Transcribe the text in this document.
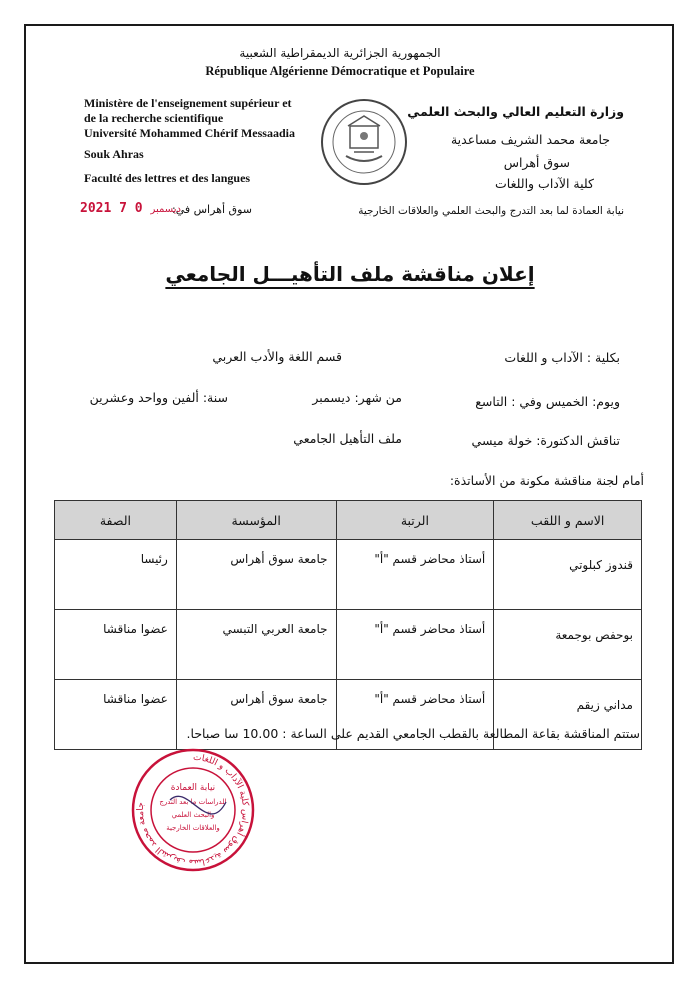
الجمهورية الجزائرية الديمقراطية الشعبية
République Algérienne Démocratique et Populaire
Ministère de l'enseignement supérieur et
de la recherche scientifique
Université Mohammed Chérif Messaadia
Souk Ahras
Faculté des lettres et des langues
وزارة التعليم العالي والبحث العلمي
جامعة محمد الشريف مساعدية
سوق أهراس
كلية الآداب واللغات
نيابة العمادة لما بعد التدرج والبحث العلمي والعلاقات الخارجية
سوق أهراس في:
2021	ديسمبر 0 7
إعلان مناقشة ملف التأهيـــل الجامعي
بكلية : الآداب و اللغات
قسم اللغة والأدب العربي
ويوم: الخميس وفي : التاسع
من شهر: ديسمبر
سنة: ألفين وواحد وعشرين
تناقش الدكتورة: خولة ميسي
ملف التأهيل الجامعي
أمام لجنة مناقشة مكونة من الأساتذة:
الاسم و اللقب	الرتبة	المؤسسة	الصفة
قندوز كبلوتي	أستاذ محاضر قسم "أ"	جامعة سوق أهراس	رئيسا
بوحفص بوجمعة	أستاذ محاضر قسم "أ"	جامعة العربي التبسي	عضوا مناقشا
مداني زيقم	أستاذ محاضر قسم "أ"	جامعة سوق أهراس	عضوا مناقشا
ستتم المناقشة بقاعة المطالعة بالقطب الجامعي القديم على الساعة : 10.00 سا صباحا.
جامعة محمد الشريف مساعدية سوق أهراس كلية الآداب و اللغات
نيابة العمادة
للدراسات ما بعد التدرج
والبحث العلمي
والعلاقات الخارجية
